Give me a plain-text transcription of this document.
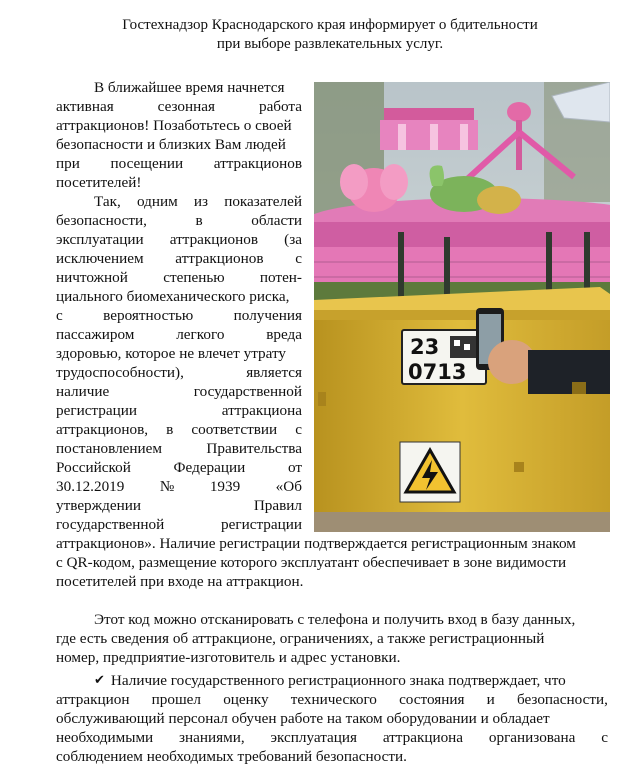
Гостехнадзор Краснодарского края информирует о бдительности
при выборе развлекательных услуг.
В ближайшее время начнется
активная	сезонная	работа
аттракционов! Позаботьтесь о своей
безопасности и близких Вам людей
при посещении аттракционов
посетителей!
Так, одним из показателей
безопасности,	в	области
эксплуатации аттракционов (за
исключением аттракционов с
ничтожной степенью потен-
циального биомеханического риска,
с	вероятностью	получения
пассажиром	легкого	вреда
здоровью, которое не влечет утрату
трудоспособности),	является
наличие	государственной
регистрации	аттракциона
аттракционов, в соответствии с
постановлением	Правительства
Российской	Федерации	от
30.12.2019 № 1939 «Об
утверждении	Правил
государственной	регистрации
аттракционов». Наличие регистрации подтверждается регистрационным знаком
с QR-кодом, размещение которого эксплуатант обеспечивает в зоне видимости
посетителей при входе на аттракцион.
Этот код можно отсканировать с телефона и получить вход в базу данных,
где есть сведения об аттракционе, ограничениях, а также регистрационный
номер, предприятие-изготовитель и адрес установки.
✔ Наличие государственного регистрационного знака подтверждает, что
аттракцион прошел оценку технического состояния и безопасности,
обслуживающий персонал обучен работе на таком оборудовании и обладает
необходимыми знаниями, эксплуатация аттракциона организована с
соблюдением необходимых требований безопасности.
23
0713
